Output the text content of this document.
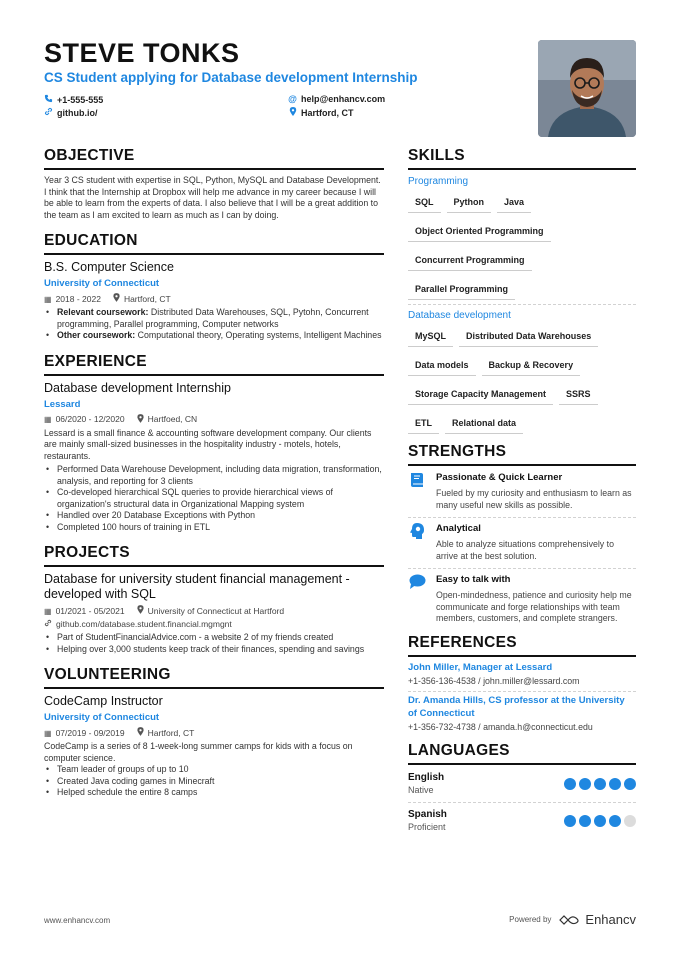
STEVE TONKS
CS Student applying for Database development Internship
+1-555-555	@ help@enhancv.com
github.io/	Hartford, CT
OBJECTIVE
Year 3 CS student with expertise in SQL, Python, MySQL and Database Development. I think that the Internship at Dropbox will help me advance in my career because I will be able to learn from the experts of data. I also believe that I will be a great addition to the team as I am excited to learn as much as I can by doing.
EDUCATION
B.S. Computer Science
University of Connecticut
▦ 2018 - 2022	Hartford, CT
• Relevant coursework: Distributed Data Warehouses, SQL, Pytohn, Concurrent programming, Parallel programming, Computer networks
• Other coursework: Computational theory, Operating systems, Intelligent Machines
EXPERIENCE
Database development Internship
Lessard
▦ 06/2020 - 12/2020	Hartfoed, CN
Lessard is a small finance & accounting software development company. Our clients are mainly small-sized businesses in the hospitality industry - motels, hotels, restaurants.
• Performed Data Warehouse Development, including data migration, transformation, analysis, and reporting for 3 clients
• Co-developed hierarchical SQL queries to provide hierarchical views of organization's structural data in Organizational Mapping system
• Handled over 20 Database Exceptions with Python
• Completed 100 hours of training in ETL
PROJECTS
Database for university student financial management - developed with SQL
▦ 01/2021 - 05/2021	University of Connecticut at Hartford
github.com/database.student.financial.mgmgnt
• Part of StudentFinancialAdvice.com - a website 2 of my friends created
• Helping over 3,000 students keep track of their finances, spending and savings
VOLUNTEERING
CodeCamp Instructor
University of Connecticut
▦ 07/2019 - 09/2019	Hartford, CT
CodeCamp is a series of 8 1-week-long summer camps for kids with a focus on computer science.
• Team leader of groups of up to 10
• Created Java coding games in Minecraft
• Helped schedule the entire 8 camps
SKILLS
Programming
SQL	Python	Java
Object Oriented Programming
Concurrent Programming
Parallel Programming
Database development
MySQL	Distributed Data Warehouses
Data models	Backup & Recovery
Storage Capacity Management	SSRS
ETL	Relational data
STRENGTHS
Passionate & Quick Learner
Fueled by my curiosity and enthusiasm to learn as many useful new skills as possible.
Analytical
Able to analyze situations comprehensively to arrive at the best solution.
Easy to talk with
Open-mindedness, patience and curiosity help me communicate and forge relationships with team members, customers, and complete strangers.
REFERENCES
John Miller, Manager at Lessard
+1-356-136-4538 / john.miller@lessard.com
Dr. Amanda Hills, CS professor at the University of Connecticut
+1-356-732-4738 / amanda.h@connecticut.edu
LANGUAGES
English
Native
Spanish
Proficient
www.enhancv.com	Powered by	Enhancv
